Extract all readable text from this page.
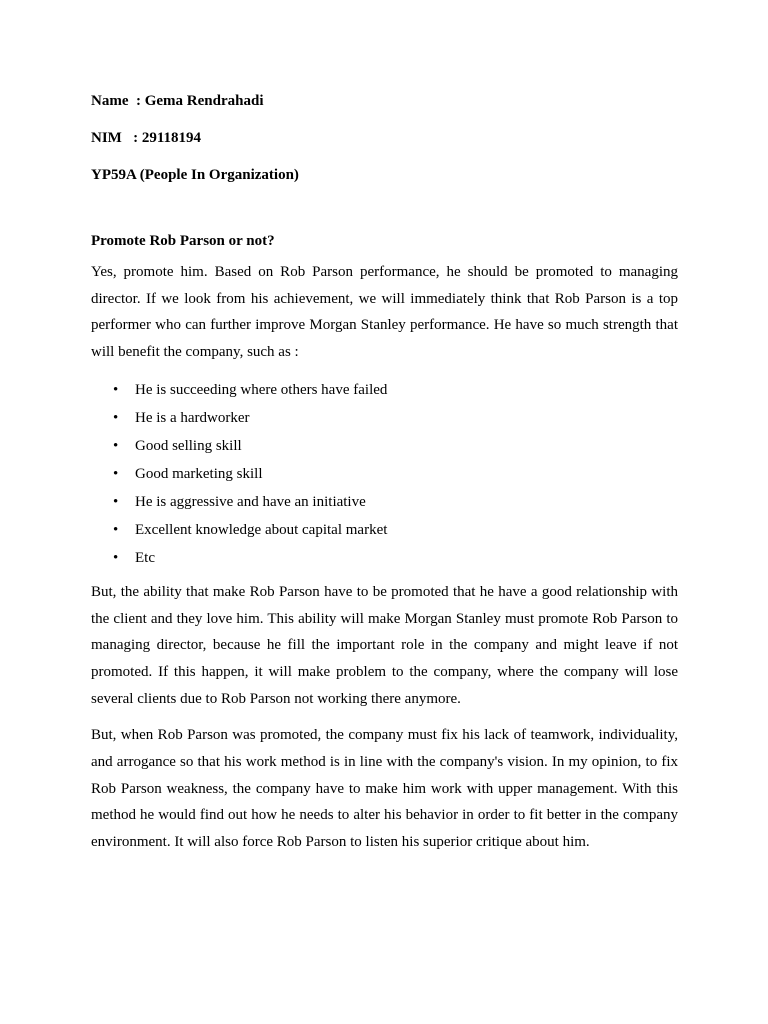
Name  : Gema Rendrahadi

NIM   : 29118194

YP59A (People In Organization)

Promote Rob Parson or not?

Yes, promote him. Based on Rob Parson performance, he should be promoted to managing director. If we look from his achievement, we will immediately think that Rob Parson is a top performer who can further improve Morgan Stanley performance. He have so much strength that will benefit the company, such as :

• He is succeeding where others have failed
• He is a hardworker
• Good selling skill
• Good marketing skill
• He is aggressive and have an initiative
• Excellent knowledge about capital market
• Etc

But, the ability that make Rob Parson have to be promoted that he have a good relationship with the client and they love him. This ability will make Morgan Stanley must promote Rob Parson to managing director, because he fill the important role in the company and might leave if not promoted. If this happen, it will make problem to the company, where the company will lose several clients due to Rob Parson not working there anymore.

But, when Rob Parson was promoted, the company must fix his lack of teamwork, individuality, and arrogance so that his work method is in line with the company's vision. In my opinion, to fix Rob Parson weakness, the company have to make him work with upper management. With this method he would find out how he needs to alter his behavior in order to fit better in the company environment. It will also force Rob Parson to listen his superior critique about him.
